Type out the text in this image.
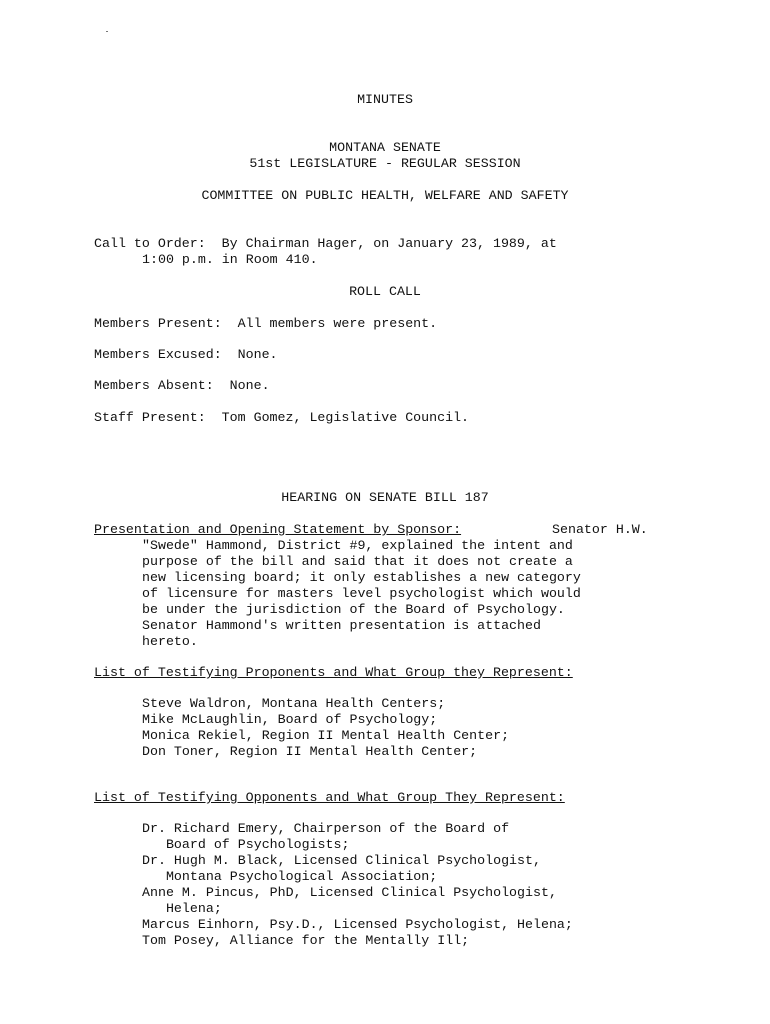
MINUTES
MONTANA SENATE
51st LEGISLATURE - REGULAR SESSION
COMMITTEE ON PUBLIC HEALTH, WELFARE AND SAFETY
Call to Order:  By Chairman Hager, on January 23, 1989, at
1:00 p.m. in Room 410.
ROLL CALL
Members Present:  All members were present.
Members Excused:  None.
Members Absent:  None.
Staff Present:  Tom Gomez, Legislative Council.
HEARING ON SENATE BILL 187
Presentation and Opening Statement by Sponsor:	Senator H.W.
"Swede" Hammond, District #9, explained the intent and
purpose of the bill and said that it does not create a
new licensing board; it only establishes a new category
of licensure for masters level psychologist which would
be under the jurisdiction of the Board of Psychology.
Senator Hammond's written presentation is attached
hereto.
List of Testifying Proponents and What Group they Represent:
Steve Waldron, Montana Health Centers;
Mike McLaughlin, Board of Psychology;
Monica Rekiel, Region II Mental Health Center;
Don Toner, Region II Mental Health Center;
List of Testifying Opponents and What Group They Represent:
Dr. Richard Emery, Chairperson of the Board of
Board of Psychologists;
Dr. Hugh M. Black, Licensed Clinical Psychologist,
Montana Psychological Association;
Anne M. Pincus, PhD, Licensed Clinical Psychologist,
Helena;
Marcus Einhorn, Psy.D., Licensed Psychologist, Helena;
Tom Posey, Alliance for the Mentally Ill;
